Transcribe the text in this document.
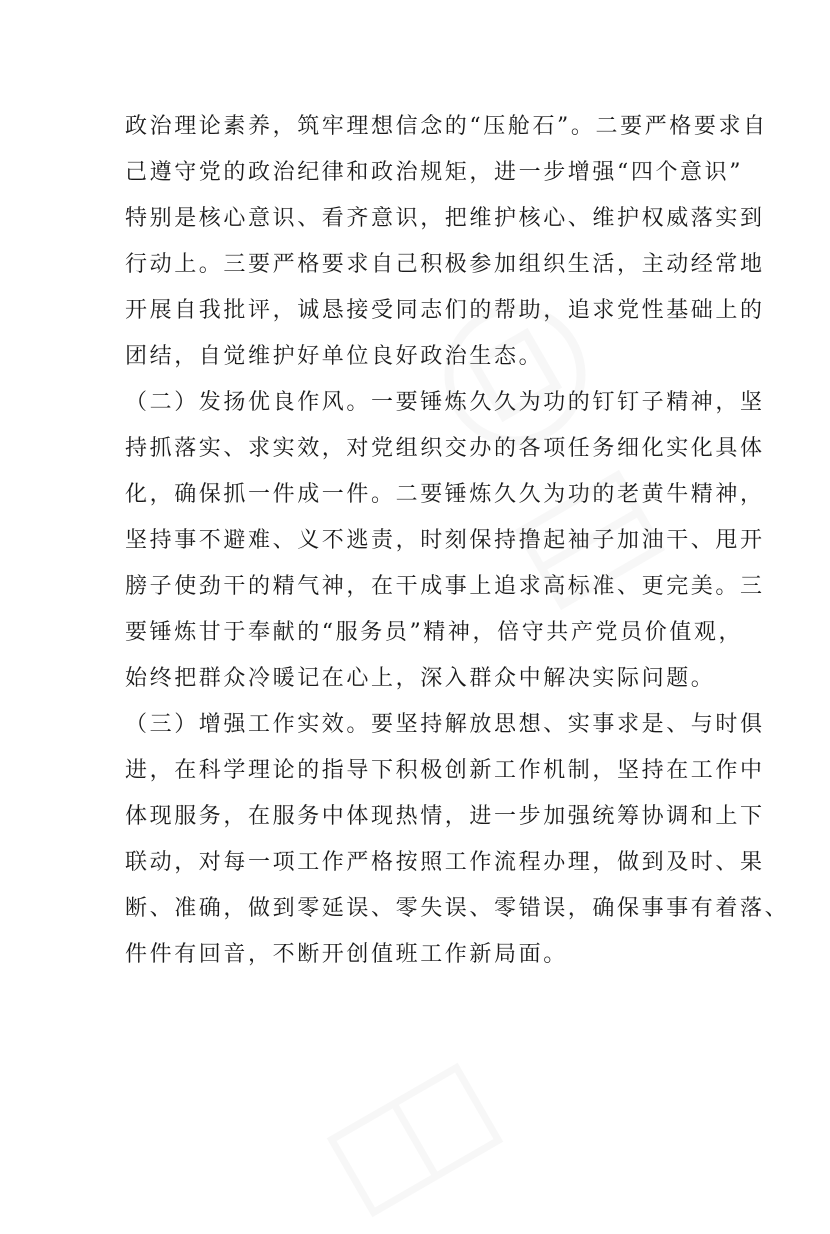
政治理论素养，筑牢理想信念的“压舱石”。二要严格要求自
己遵守党的政治纪律和政治规矩，进一步增强“四个意识”
特别是核心意识、看齐意识，把维护核心、维护权威落实到
行动上。三要严格要求自己积极参加组织生活，主动经常地
开展自我批评，诚恳接受同志们的帮助，追求党性基础上的
团结，自觉维护好单位良好政治生态。
（二）发扬优良作风。一要锤炼久久为功的钉钉子精神，坚
持抓落实、求实效，对党组织交办的各项任务细化实化具体
化，确保抓一件成一件。二要锤炼久久为功的老黄牛精神，
坚持事不避难、义不逃责，时刻保持撸起袖子加油干、甩开
膀子使劲干的精气神，在干成事上追求高标准、更完美。三
要锤炼甘于奉献的“服务员”精神，倍守共产党员价值观，
始终把群众冷暖记在心上，深入群众中解决实际问题。
（三）增强工作实效。要坚持解放思想、实事求是、与时俱
进，在科学理论的指导下积极创新工作机制，坚持在工作中
体现服务，在服务中体现热情，进一步加强统筹协调和上下
联动，对每一项工作严格按照工作流程办理，做到及时、果
断、准确，做到零延误、零失误、零错误，确保事事有着落、
件件有回音，不断开创值班工作新局面。
